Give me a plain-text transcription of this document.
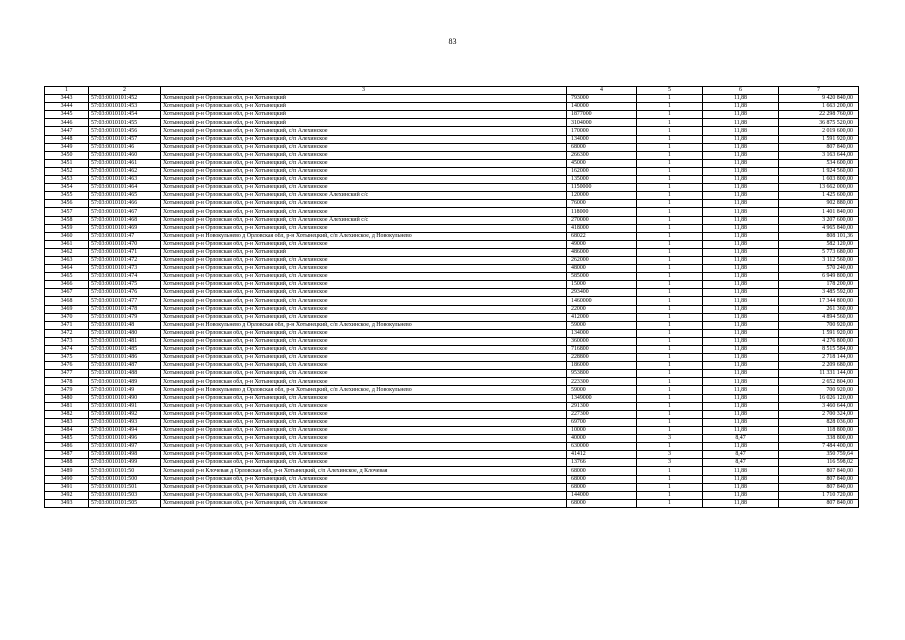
83
1	2	3	4	5	6	7
3443	57:03:0010101:452	Хотынецкий р-н Орловская обл, р-н Хотынецкий	793000	1	11,88	9 420 840,00
3444	57:03:0010101:453	Хотынецкий р-н Орловская обл, р-н Хотынецкий	140000	1	11,88	1 663 200,00
3445	57:03:0010101:454	Хотынецкий р-н Орловская обл, р-н Хотынецкий	1877000	1	11,88	22 298 760,00
3446	57:03:0010101:455	Хотынецкий р-н Орловская обл, р-н Хотынецкий	3104000	1	11,88	36 875 520,00
3447	57:03:0010101:456	Хотынецкий р-н Орловская обл, р-н Хотынецкий, с/п Алехинское	170000	1	11,88	2 019 600,00
3448	57:03:0010101:457	Хотынецкий р-н Орловская обл, р-н Хотынецкий, с/п Алехинское	134000	1	11,88	1 591 920,00
3449	57:03:0010101:46	Хотынецкий р-н Орловская обл, р-н Хотынецкий, с/п Алехинское	68000	1	11,88	807 840,00
3450	57:03:0010101:460	Хотынецкий р-н Орловская обл, р-н Хотынецкий, с/п Алехинское	266300	1	11,88	3 163 644,00
3451	57:03:0010101:461	Хотынецкий р-н Орловская обл, р-н Хотынецкий, с/п Алехинское	45000	1	11,88	534 600,00
3452	57:03:0010101:462	Хотынецкий р-н Орловская обл, р-н Хотынецкий, с/п Алехинское	162000	1	11,88	1 924 560,00
3453	57:03:0010101:463	Хотынецкий р-н Орловская обл, р-н Хотынецкий, с/п Алехинское	135000	1	11,88	1 603 800,00
3454	57:03:0010101:464	Хотынецкий р-н Орловская обл, р-н Хотынецкий, с/п Алехинское	1150000	1	11,88	13 662 000,00
3455	57:03:0010101:465	Хотынецкий р-н Орловская обл, р-н Хотынецкий, с/п Алехинское Алехинский с/с	120000	1	11,88	1 425 600,00
3456	57:03:0010101:466	Хотынецкий р-н Орловская обл, р-н Хотынецкий, с/п Алехинское	76000	1	11,88	902 880,00
3457	57:03:0010101:467	Хотынецкий р-н Орловская обл, р-н Хотынецкий, с/п Алехинское	118000	1	11,88	1 401 840,00
3458	57:03:0010101:468	Хотынецкий р-н Орловская обл, р-н Хотынецкий, с/п Алехинское Алехинский с/с	270000	1	11,88	3 207 600,00
3459	57:03:0010101:469	Хотынецкий р-н Орловская обл, р-н Хотынецкий, с/п Алехинское	418000	1	11,88	4 965 840,00
3460	57:03:0010101:47	Хотынецкий р-н Новокульнево д Орловская обл, р-н Хотынецкий, с/п Алехинское, д Новокульнево	68022	1	11,88	808 101,36
3461	57:03:0010101:470	Хотынецкий р-н Орловская обл, р-н Хотынецкий, с/п Алехинское	49000	1	11,88	582 120,00
3462	57:03:0010101:471	Хотынецкий р-н Орловская обл, р-н Хотынецкий	486000	1	11,88	5 773 680,00
3463	57:03:0010101:472	Хотынецкий р-н Орловская обл, р-н Хотынецкий, с/п Алехинское	262000	1	11,88	3 112 560,00
3464	57:03:0010101:473	Хотынецкий р-н Орловская обл, р-н Хотынецкий, с/п Алехинское	48000	1	11,88	570 240,00
3465	57:03:0010101:474	Хотынецкий р-н Орловская обл, р-н Хотынецкий, с/п Алехинское	585000	1	11,88	6 949 800,00
3466	57:03:0010101:475	Хотынецкий р-н Орловская обл, р-н Хотынецкий, с/п Алехинское	15000	1	11,88	178 200,00
3467	57:03:0010101:476	Хотынецкий р-н Орловская обл, р-н Хотынецкий, с/п Алехинское	293400	1	11,88	3 485 592,00
3468	57:03:0010101:477	Хотынецкий р-н Орловская обл, р-н Хотынецкий, с/п Алехинское	1460000	1	11,88	17 344 800,00
3469	57:03:0010101:478	Хотынецкий р-н Орловская обл, р-н Хотынецкий, с/п Алехинское	22000	1	11,88	261 360,00
3470	57:03:0010101:479	Хотынецкий р-н Орловская обл, р-н Хотынецкий, с/п Алехинское	412000	1	11,88	4 894 560,00
3471	57:03:0010101:48	Хотынецкий р-н Новокульнево д Орловская обл, р-н Хотынецкий, с/п Алехинское, д Новокульнево	59000	1	11,88	700 920,00
3472	57:03:0010101:480	Хотынецкий р-н Орловская обл, р-н Хотынецкий, с/п Алехинское	134000	1	11,88	1 591 920,00
3473	57:03:0010101:481	Хотынецкий р-н Орловская обл, р-н Хотынецкий, с/п Алехинское	360000	1	11,88	4 276 800,00
3474	57:03:0010101:485	Хотынецкий р-н Орловская обл, р-н Хотынецкий, с/п Алехинское	716800	1	11,88	8 515 584,00
3475	57:03:0010101:486	Хотынецкий р-н Орловская обл, р-н Хотынецкий, с/п Алехинское	228800	1	11,88	2 718 144,00
3476	57:03:0010101:487	Хотынецкий р-н Орловская обл, р-н Хотынецкий, с/п Алехинское	186000	1	11,88	2 209 680,00
3477	57:03:0010101:488	Хотынецкий р-н Орловская обл, р-н Хотынецкий, с/п Алехинское	953800	1	11,88	11 331 144,00
3478	57:03:0010101:489	Хотынецкий р-н Орловская обл, р-н Хотынецкий, с/п Алехинское	223300	1	11,88	2 652 804,00
3479	57:03:0010101:49	Хотынецкий р-н Новокульнево д Орловская обл, р-н Хотынецкий, с/п Алехинское, д Новокульнево	59000	1	11,88	700 920,00
3480	57:03:0010101:490	Хотынецкий р-н Орловская обл, р-н Хотынецкий, с/п Алехинское	1349000	1	11,88	16 026 120,00
3481	57:03:0010101:491	Хотынецкий р-н Орловская обл, р-н Хотынецкий, с/п Алехинское	291300	1	11,88	3 460 644,00
3482	57:03:0010101:492	Хотынецкий р-н Орловская обл, р-н Хотынецкий, с/п Алехинское	227300	1	11,88	2 700 324,00
3483	57:03:0010101:493	Хотынецкий р-н Орловская обл, р-н Хотынецкий, с/п Алехинское	69700	1	11,88	828 036,00
3484	57:03:0010101:494	Хотынецкий р-н Орловская обл, р-н Хотынецкий, с/п Алехинское	10000	1	11,88	118 800,00
3485	57:03:0010101:496	Хотынецкий р-н Орловская обл, р-н Хотынецкий, с/п Алехинское	40000	3	8,47	338 800,00
3486	57:03:0010101:497	Хотынецкий р-н Орловская обл, р-н Хотынецкий, с/п Алехинское	630000	1	11,88	7 484 400,00
3487	57:03:0010101:498	Хотынецкий р-н Орловская обл, р-н Хотынецкий, с/п Алехинское	41412	3	8,47	350 759,64
3488	57:03:0010101:499	Хотынецкий р-н Орловская обл, р-н Хотынецкий, с/п Алехинское	13766	3	8,47	116 598,02
3489	57:03:0010101:50	Хотынецкий р-н Клочевая д Орловская обл, р-н Хотынецкий, с/п Алехинское, д Клочевая	68000	1	11,88	807 840,00
3490	57:03:0010101:500	Хотынецкий р-н Орловская обл, р-н Хотынецкий, с/п Алехинское	68000	1	11,88	807 840,00
3491	57:03:0010101:501	Хотынецкий р-н Орловская обл, р-н Хотынецкий, с/п Алехинское	68000	1	11,88	807 840,00
3492	57:03:0010101:503	Хотынецкий р-н Орловская обл, р-н Хотынецкий, с/п Алехинское	144000	1	11,88	1 710 720,00
3493	57:03:0010101:505	Хотынецкий р-н Орловская обл, р-н Хотынецкий, с/п Алехинское	68000	1	11,88	807 840,00
